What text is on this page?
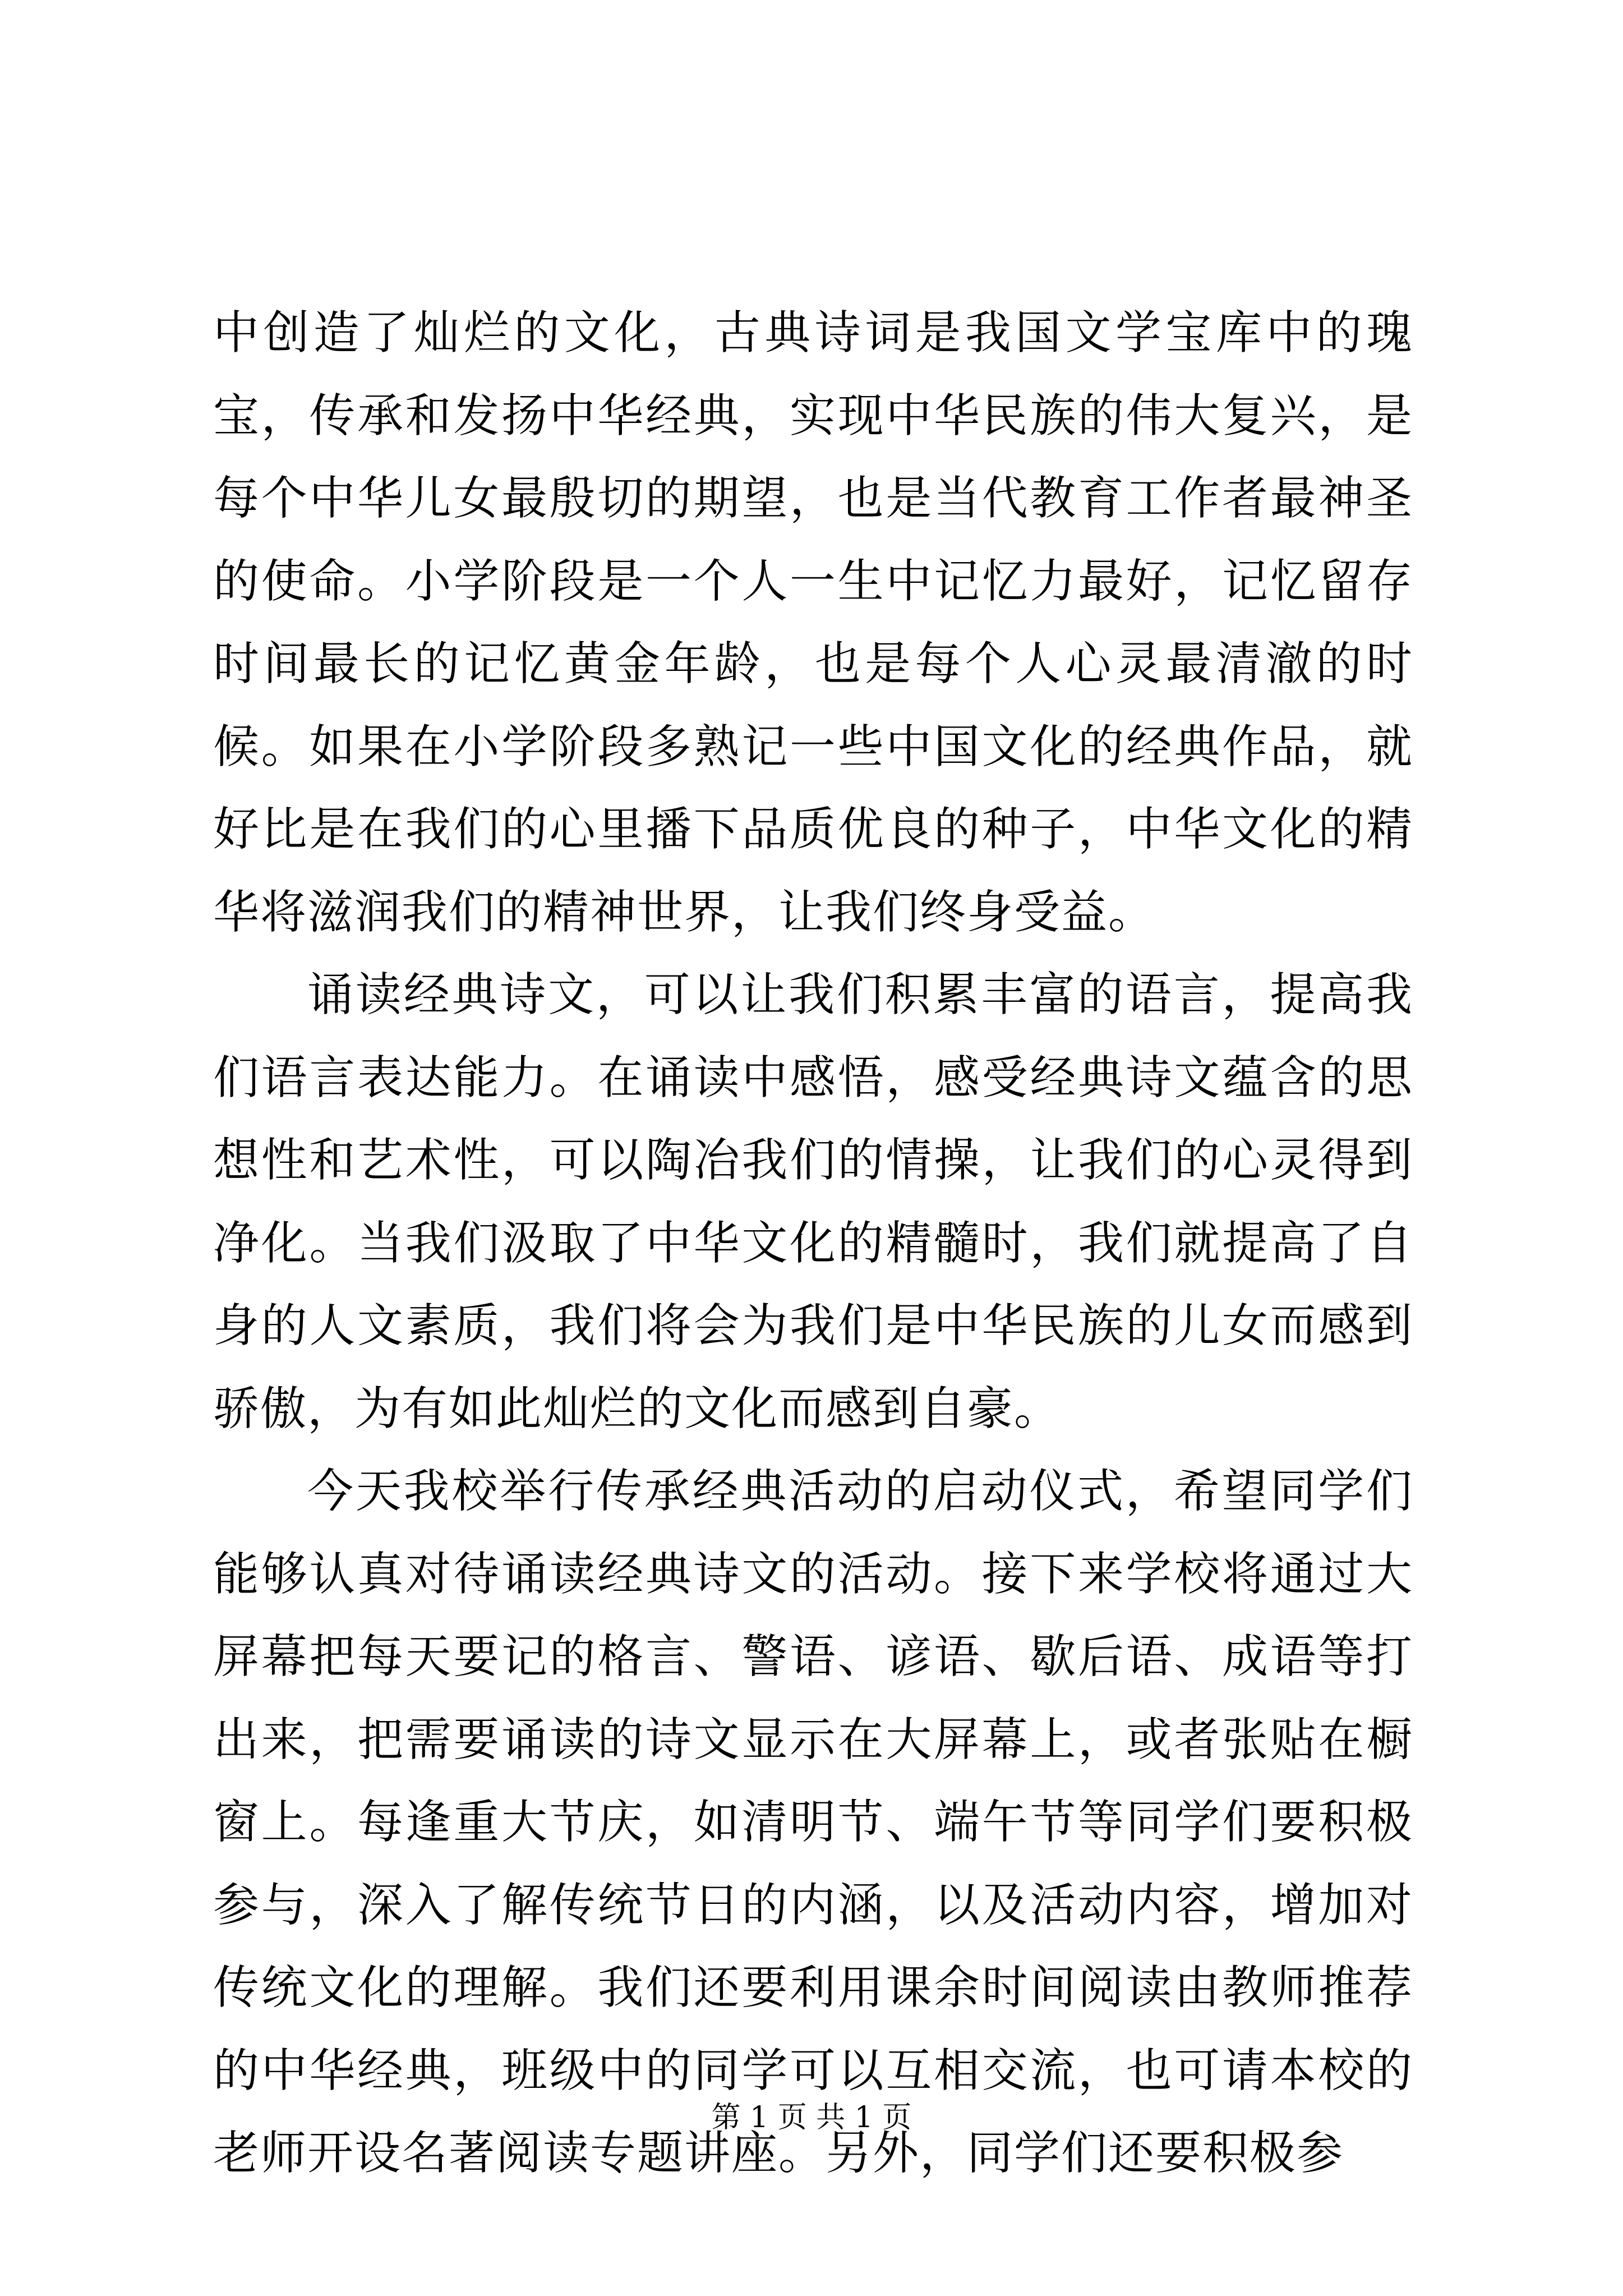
中创造了灿烂的文化，古典诗词是我国文学宝库中的瑰宝，传承和发扬中华经典，实现中华民族的伟大复兴，是每个中华儿女最殷切的期望，也是当代教育工作者最神圣的使命。小学阶段是一个人一生中记忆力最好，记忆留存时间最长的记忆黄金年龄，也是每个人心灵最清澈的时候。如果在小学阶段多熟记一些中国文化的经典作品，就好比是在我们的心里播下品质优良的种子，中华文化的精华将滋润我们的精神世界，让我们终身受益。

诵读经典诗文，可以让我们积累丰富的语言，提高我们语言表达能力。在诵读中感悟，感受经典诗文蕴含的思想性和艺术性，可以陶冶我们的情操，让我们的心灵得到净化。当我们汲取了中华文化的精髓时，我们就提高了自身的人文素质，我们将会为我们是中华民族的儿女而感到骄傲，为有如此灿烂的文化而感到自豪。

今天我校举行传承经典活动的启动仪式，希望同学们能够认真对待诵读经典诗文的活动。接下来学校将通过大屏幕把每天要记的格言、警语、谚语、歇后语、成语等打出来，把需要诵读的诗文显示在大屏幕上，或者张贴在橱窗上。每逢重大节庆，如清明节、端午节等同学们要积极参与，深入了解传统节日的内涵，以及活动内容，增加对传统文化的理解。我们还要利用课余时间阅读由教师推荐的中华经典，班级中的同学可以互相交流，也可请本校的老师开设名著阅读专题讲座。另外，同学们还要积极参

第 1 页 共 1 页
